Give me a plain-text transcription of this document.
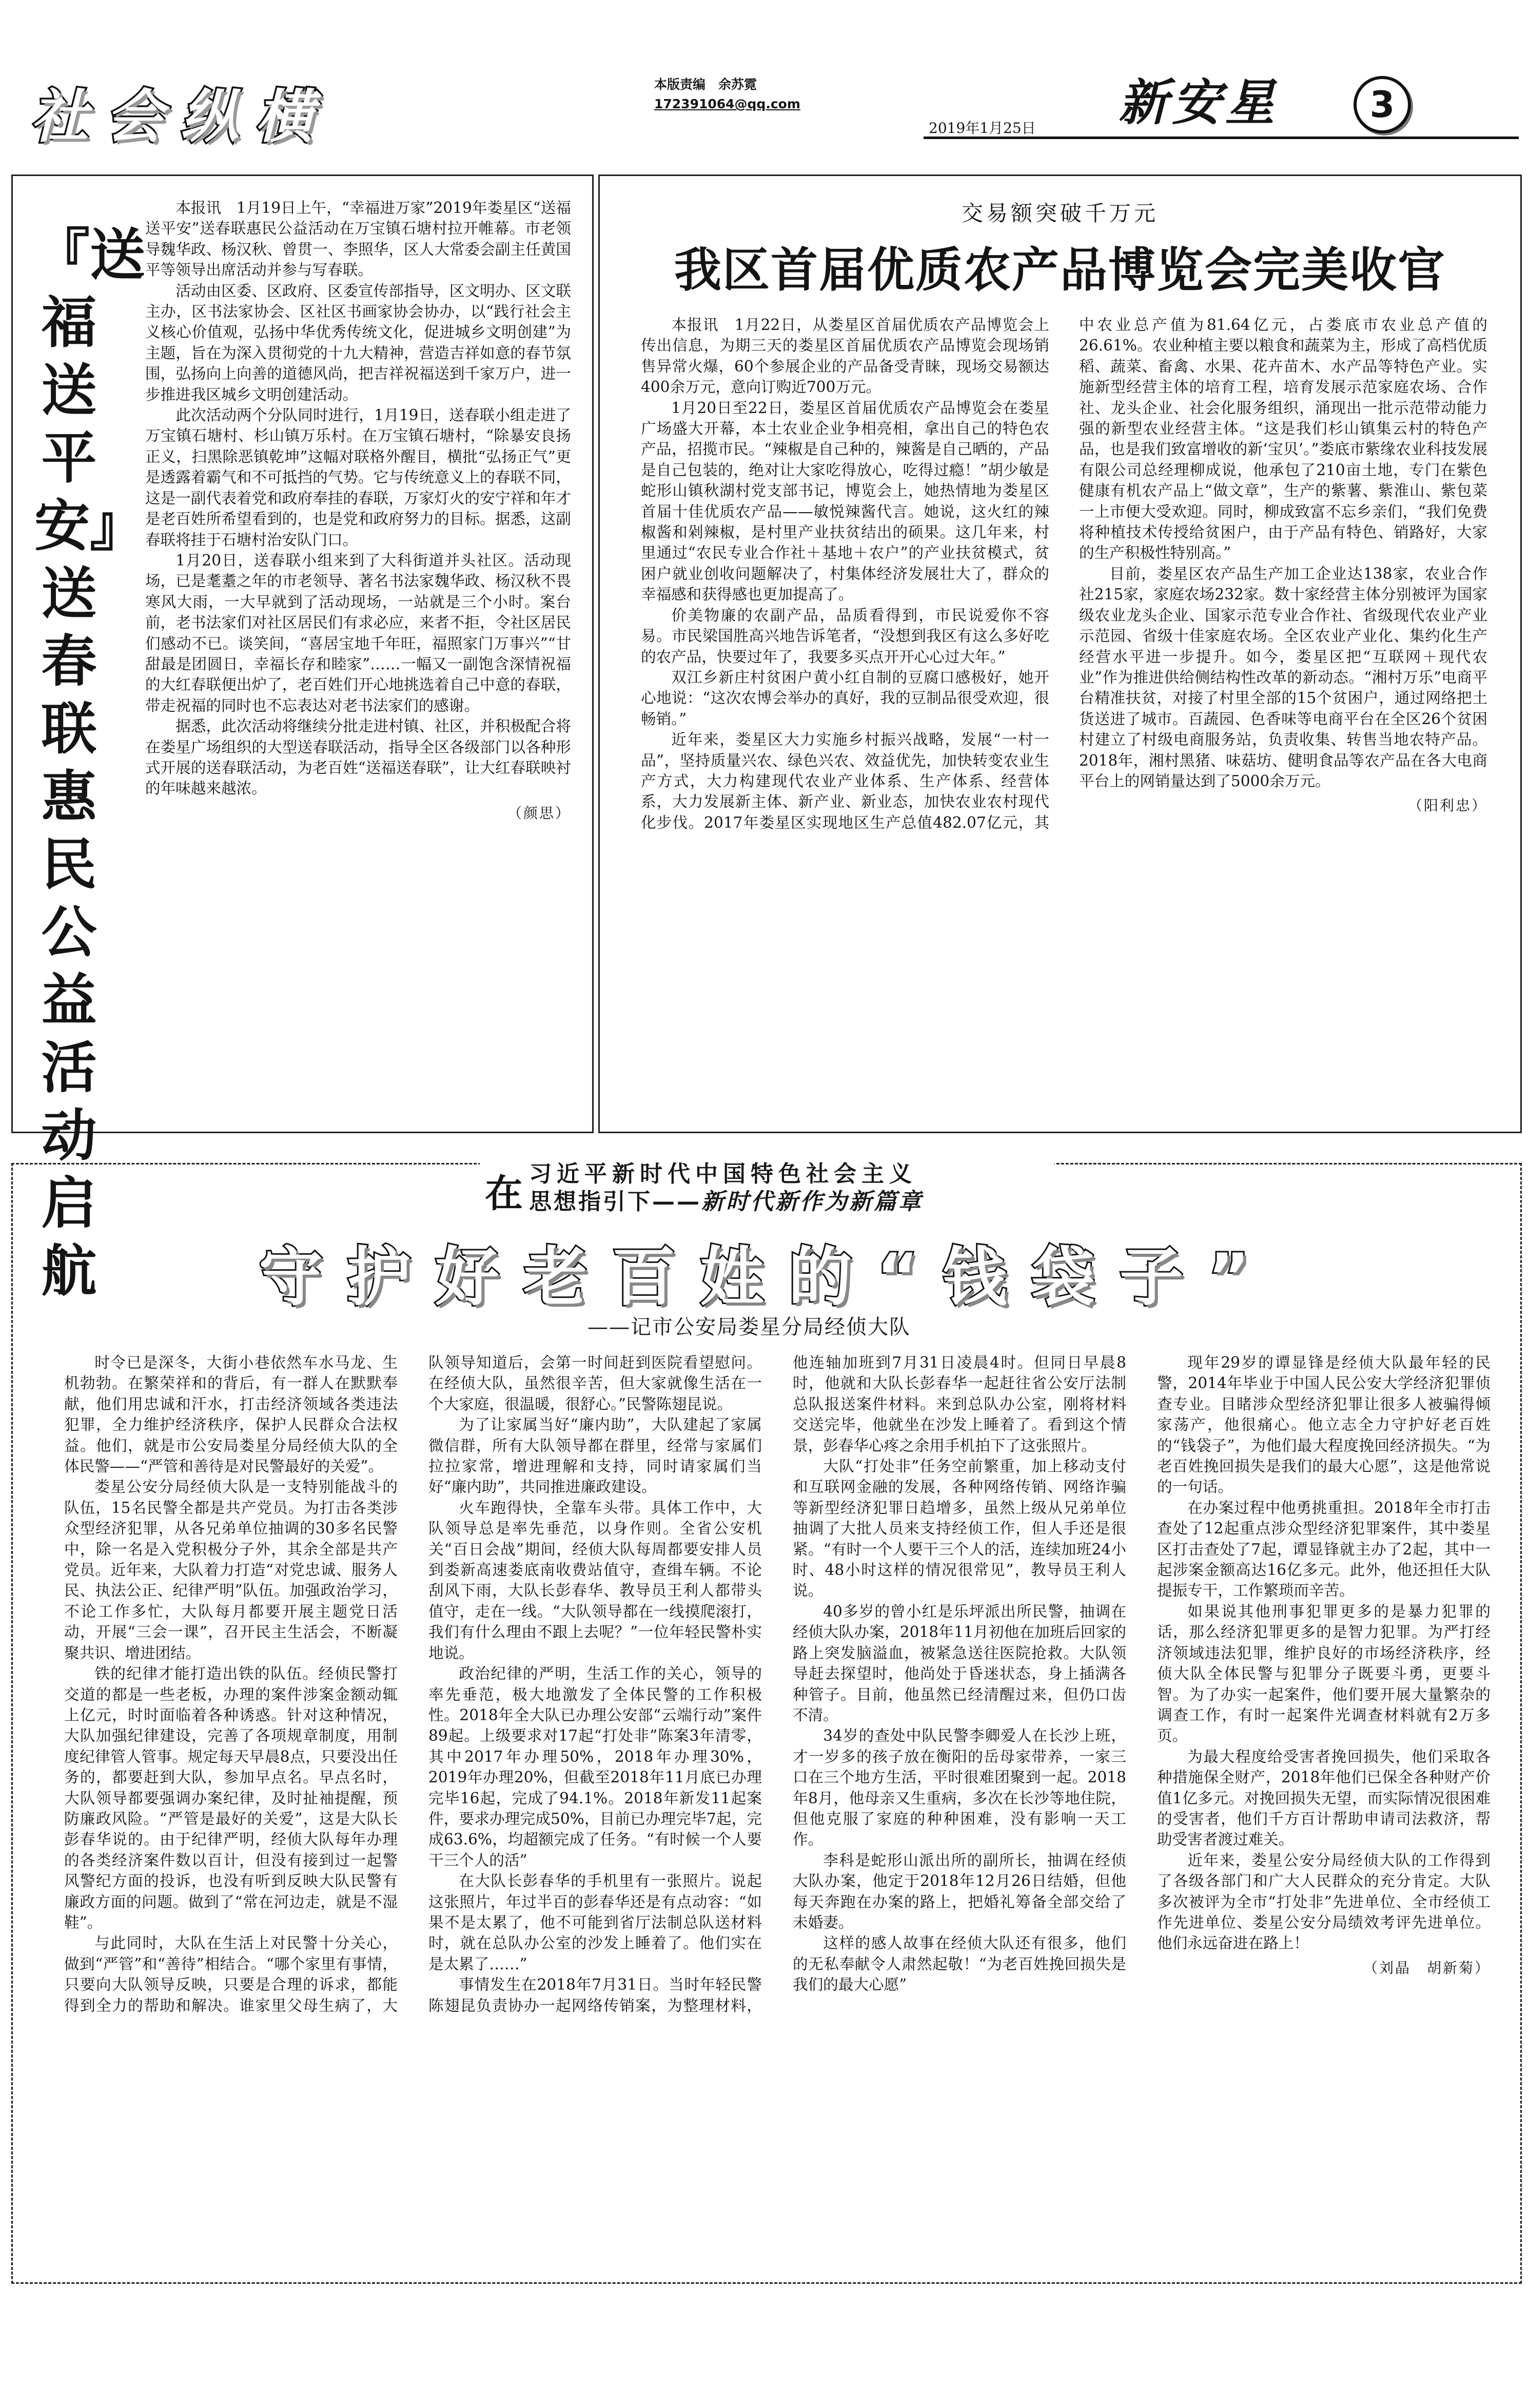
社会纵横	本版责编　余苏霓
172391064@qq.com
2019年1月25日 新安星	3
『送福送平安』送春联惠民公益活动启航

本报讯　1月19日上午，“幸福进万家”2019年娄星区“送福送平安”送春联惠民公益活动在万宝镇石塘村拉开帷幕。市老领导魏华政、杨汉秋、曾贯一、李照华，区人大常委会副主任黄国平等领导出席活动并参与写春联。

活动由区委、区政府、区委宣传部指导，区文明办、区文联主办，区书法家协会、区社区书画家协会协办，以“践行社会主义核心价值观，弘扬中华优秀传统文化，促进城乡文明创建”为主题，旨在为深入贯彻党的十九大精神，营造吉祥如意的春节氛围，弘扬向上向善的道德风尚，把吉祥祝福送到千家万户，进一步推进我区城乡文明创建活动。

此次活动两个分队同时进行，1月19日，送春联小组走进了万宝镇石塘村、杉山镇万乐村。在万宝镇石塘村，“除暴安良扬正义，扫黑除恶镇乾坤”这幅对联格外醒目，横批“弘扬正气”更是透露着霸气和不可抵挡的气势。它与传统意义上的春联不同，这是一副代表着党和政府奉挂的春联，万家灯火的安宁祥和年才是老百姓所希望看到的，也是党和政府努力的目标。据悉，这副春联将挂于石塘村治安队门口。

1月20日，送春联小组来到了大科街道并头社区。活动现场，已是耄耋之年的市老领导、著名书法家魏华政、杨汉秋不畏寒风大雨，一大早就到了活动现场，一站就是三个小时。案台前，老书法家们对社区居民们有求必应，来者不拒，令社区居民们感动不已。谈笑间，“喜居宝地千年旺，福照家门万事兴”“甘甜最是团圆日，幸福长存和睦家”……一幅又一副饱含深情祝福的大红春联便出炉了，老百姓们开心地挑选着自己中意的春联，带走祝福的同时也不忘表达对老书法家们的感谢。

据悉，此次活动将继续分批走进村镇、社区，并积极配合将在娄星广场组织的大型送春联活动，指导全区各级部门以各种形式开展的送春联活动，为老百姓“送福送春联”，让大红春联映衬的年味越来越浓。

（颜思）
交易额突破千万元
我区首届优质农产品博览会完美收官

本报讯　1月22日，从娄星区首届优质农产品博览会上传出信息，为期三天的娄星区首届优质农产品博览会现场销售异常火爆，60个参展企业的产品备受青睐，现场交易额达400余万元，意向订购近700万元。

1月20日至22日，娄星区首届优质农产品博览会在娄星广场盛大开幕，本土农业企业争相亮相，拿出自己的特色农产品，招揽市民。“辣椒是自己种的，辣酱是自己晒的，产品是自己包装的，绝对让大家吃得放心，吃得过瘾！”胡少敏是蛇形山镇秋湖村党支部书记，博览会上，她热情地为娄星区首届十佳优质农产品——敏悦辣酱代言。她说，这火红的辣椒酱和剁辣椒，是村里产业扶贫结出的硕果。这几年来，村里通过“农民专业合作社＋基地＋农户”的产业扶贫模式，贫困户就业创收问题解决了，村集体经济发展壮大了，群众的幸福感和获得感也更加提高了。

价美物廉的农副产品，品质看得到，市民说爱你不容易。市民梁国胜高兴地告诉笔者，“没想到我区有这么多好吃的农产品，快要过年了，我要多买点开开心心过大年。”

双江乡新庄村贫困户黄小红自制的豆腐口感极好，她开心地说：“这次农博会举办的真好，我的豆制品很受欢迎，很畅销。”

近年来，娄星区大力实施乡村振兴战略，发展“一村一品”，坚持质量兴农、绿色兴农、效益优先，加快转变农业生产方式，大力构建现代农业产业体系、生产体系、经营体系，大力发展新主体、新产业、新业态，加快农业农村现代化步伐。2017年娄星区实现地区生产总值482.07亿元，其中农业总产值为81.64亿元，占娄底市农业总产值的26.61%。农业种植主要以粮食和蔬菜为主，形成了高档优质稻、蔬菜、畜禽、水果、花卉苗木、水产品等特色产业。实施新型经营主体的培育工程，培育发展示范家庭农场、合作社、龙头企业、社会化服务组织，涌现出一批示范带动能力强的新型农业经营主体。“这是我们杉山镇集云村的特色产品，也是我们致富增收的新‘宝贝’。”娄底市紫缘农业科技发展有限公司总经理柳成说，他承包了210亩土地，专门在紫色健康有机农产品上“做文章”，生产的紫薯、紫淮山、紫包菜一上市便大受欢迎。同时，柳成致富不忘乡亲们，“我们免费将种植技术传授给贫困户，由于产品有特色、销路好，大家的生产积极性特别高。”

目前，娄星区农产品生产加工企业达138家，农业合作社215家，家庭农场232家。数十家经营主体分别被评为国家级农业龙头企业、国家示范专业合作社、省级现代农业产业示范园、省级十佳家庭农场。全区农业产业化、集约化生产经营水平进一步提升。如今，娄星区把“互联网＋现代农业”作为推进供给侧结构性改革的新动态。“湘村万乐”电商平台精准扶贫，对接了村里全部的15个贫困户，通过网络把土货送进了城市。百蔬园、色香味等电商平台在全区26个贫困村建立了村级电商服务站，负责收集、转售当地农特产品。2018年，湘村黑猪、味菇坊、健明食品等农产品在各大电商平台上的网销量达到了5000余万元。

（阳利忠）
在 习近平新时代中国特色社会主义
思想指引下——新时代新作为新篇章
守护好老百姓的“钱袋子”
——记市公安局娄星分局经侦大队

时令已是深冬，大街小巷依然车水马龙、生机勃勃。在繁荣祥和的背后，有一群人在默默奉献，他们用忠诚和汗水，打击经济领域各类违法犯罪，全力维护经济秩序，保护人民群众合法权益。他们，就是市公安局娄星分局经侦大队的全体民警——“严管和善待是对民警最好的关爱”。

娄星公安分局经侦大队是一支特别能战斗的队伍，15名民警全都是共产党员。为打击各类涉众型经济犯罪，从各兄弟单位抽调的30多名民警中，除一名是入党积极分子外，其余全部是共产党员。近年来，大队着力打造“对党忠诚、服务人民、执法公正、纪律严明”队伍。加强政治学习，不论工作多忙，大队每月都要开展主题党日活动，开展“三会一课”，召开民主生活会，不断凝聚共识、增进团结。

铁的纪律才能打造出铁的队伍。经侦民警打交道的都是一些老板，办理的案件涉案金额动辄上亿元，时时面临着各种诱惑。针对这种情况，大队加强纪律建设，完善了各项规章制度，用制度纪律管人管事。规定每天早晨8点，只要没出任务的，都要赶到大队，参加早点名。早点名时，大队领导都要强调办案纪律，及时扯袖提醒，预防廉政风险。“严管是最好的关爱”，这是大队长彭春华说的。由于纪律严明，经侦大队每年办理的各类经济案件数以百计，但没有接到过一起警风警纪方面的投诉，也没有听到反映大队民警有廉政方面的问题。做到了“常在河边走，就是不湿鞋”。

与此同时，大队在生活上对民警十分关心，做到“严管”和“善待”相结合。“哪个家里有事情，只要向大队领导反映，只要是合理的诉求，都能得到全力的帮助和解决。谁家里父母生病了，大队领导知道后，会第一时间赶到医院看望慰问。在经侦大队，虽然很辛苦，但大家就像生活在一个大家庭，很温暖，很舒心。”民警陈翅昆说。

为了让家属当好“廉内助”，大队建起了家属微信群，所有大队领导都在群里，经常与家属们拉拉家常，增进理解和支持，同时请家属们当好“廉内助”，共同推进廉政建设。

火车跑得快，全靠车头带。具体工作中，大队领导总是率先垂范，以身作则。全省公安机关“百日会战”期间，经侦大队每周都要安排人员到娄新高速娄底南收费站值守，查缉车辆。不论刮风下雨，大队长彭春华、教导员王利人都带头值守，走在一线。“大队领导都在一线摸爬滚打，我们有什么理由不跟上去呢？”一位年轻民警朴实地说。

政治纪律的严明，生活工作的关心，领导的率先垂范，极大地激发了全体民警的工作积极性。2018年全大队已办理公安部“云端行动”案件89起。上级要求对17起“打处非”陈案3年清零，其中2017年办理50%，2018年办理30%，2019年办理20%，但截至2018年11月底已办理完毕16起，完成了94.1%。2018年新发11起案件，要求办理完成50%，目前已办理完毕7起，完成63.6%，均超额完成了任务。“有时候一个人要干三个人的活”

在大队长彭春华的手机里有一张照片。说起这张照片，年过半百的彭春华还是有点动容：“如果不是太累了，他不可能到省厅法制总队送材料时，就在总队办公室的沙发上睡着了。他们实在是太累了……”

事情发生在2018年7月31日。当时年轻民警陈翅昆负责协办一起网络传销案，为整理材料，他连轴加班到7月31日凌晨4时。但同日早晨8时，他就和大队长彭春华一起赶往省公安厅法制总队报送案件材料。来到总队办公室，刚将材料交送完毕，他就坐在沙发上睡着了。看到这个情景，彭春华心疼之余用手机拍下了这张照片。

大队“打处非”任务空前繁重，加上移动支付和互联网金融的发展，各种网络传销、网络诈骗等新型经济犯罪日趋增多，虽然上级从兄弟单位抽调了大批人员来支持经侦工作，但人手还是很紧。“有时一个人要干三个人的活，连续加班24小时、48小时这样的情况很常见”，教导员王利人说。

40多岁的曾小红是乐坪派出所民警，抽调在经侦大队办案，2018年11月初他在加班后回家的路上突发脑溢血，被紧急送往医院抢救。大队领导赶去探望时，他尚处于昏迷状态，身上插满各种管子。目前，他虽然已经清醒过来，但仍口齿不清。

34岁的查处中队民警李卿爱人在长沙上班，才一岁多的孩子放在衡阳的岳母家带养，一家三口在三个地方生活，平时很难团聚到一起。2018年8月，他母亲又生重病，多次在长沙等地住院，但他克服了家庭的种种困难，没有影响一天工作。

李科是蛇形山派出所的副所长，抽调在经侦大队办案，他定于2018年12月26日结婚，但他每天奔跑在办案的路上，把婚礼筹备全部交给了未婚妻。

这样的感人故事在经侦大队还有很多，他们的无私奉献令人肃然起敬！“为老百姓挽回损失是我们的最大心愿”

现年29岁的谭显锋是经侦大队最年轻的民警，2014年毕业于中国人民公安大学经济犯罪侦查专业。目睹涉众型经济犯罪让很多人被骗得倾家荡产，他很痛心。他立志全力守护好老百姓的“钱袋子”，为他们最大程度挽回经济损失。“为老百姓挽回损失是我们的最大心愿”，这是他常说的一句话。

在办案过程中他勇挑重担。2018年全市打击查处了12起重点涉众型经济犯罪案件，其中娄星区打击查处了7起，谭显锋就主办了2起，其中一起涉案金额高达16亿多元。此外，他还担任大队提振专干，工作繁琐而辛苦。

如果说其他刑事犯罪更多的是暴力犯罪的话，那么经济犯罪更多的是智力犯罪。为严打经济领域违法犯罪，维护良好的市场经济秩序，经侦大队全体民警与犯罪分子既要斗勇，更要斗智。为了办实一起案件，他们要开展大量繁杂的调查工作，有时一起案件光调查材料就有2万多页。

为最大程度给受害者挽回损失，他们采取各种措施保全财产，2018年他们已保全各种财产价值1亿多元。对挽回损失无望，而实际情况很困难的受害者，他们千方百计帮助申请司法救济，帮助受害者渡过难关。

近年来，娄星公安分局经侦大队的工作得到了各级各部门和广大人民群众的充分肯定。大队多次被评为全市“打处非”先进单位、全市经侦工作先进单位、娄星公安分局绩效考评先进单位。他们永远奋进在路上！

（刘晶　胡新菊）
